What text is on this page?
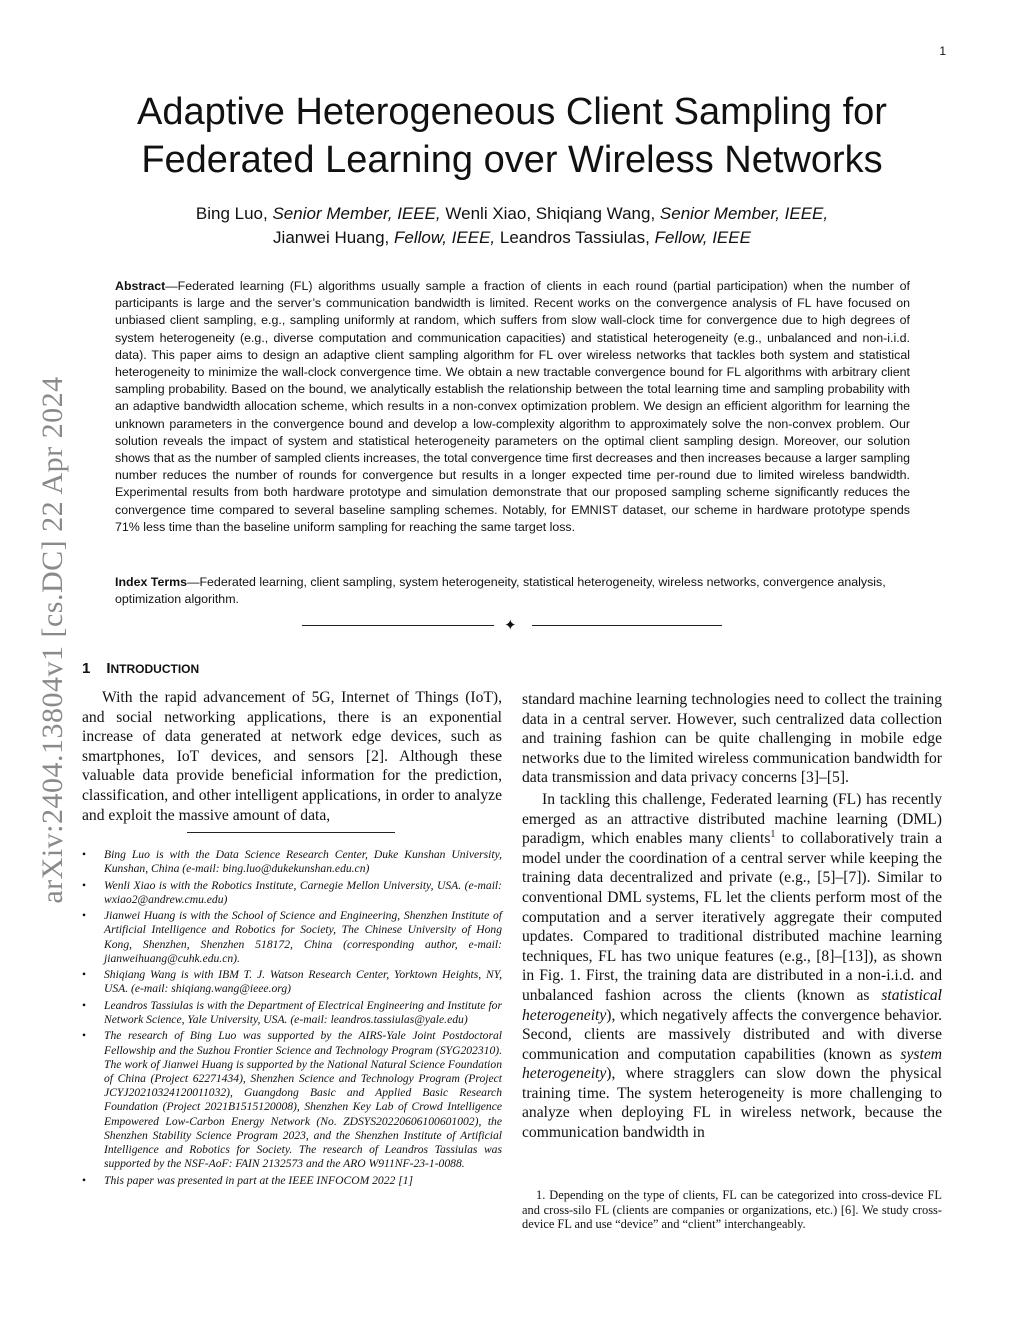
1
arXiv:2404.13804v1 [cs.DC] 22 Apr 2024
Adaptive Heterogeneous Client Sampling for
Federated Learning over Wireless Networks
Bing Luo, Senior Member, IEEE, Wenli Xiao, Shiqiang Wang, Senior Member, IEEE,
Jianwei Huang, Fellow, IEEE, Leandros Tassiulas, Fellow, IEEE
Abstract—Federated learning (FL) algorithms usually sample a fraction of clients in each round (partial participation) when the number of participants is large and the server’s communication bandwidth is limited. Recent works on the convergence analysis of FL have focused on unbiased client sampling, e.g., sampling uniformly at random, which suffers from slow wall-clock time for convergence due to high degrees of system heterogeneity (e.g., diverse computation and communication capacities) and statistical heterogeneity (e.g., unbalanced and non-i.i.d. data). This paper aims to design an adaptive client sampling algorithm for FL over wireless networks that tackles both system and statistical heterogeneity to minimize the wall-clock convergence time. We obtain a new tractable convergence bound for FL algorithms with arbitrary client sampling probability. Based on the bound, we analytically establish the relationship between the total learning time and sampling probability with an adaptive bandwidth allocation scheme, which results in a non-convex optimization problem. We design an efficient algorithm for learning the unknown parameters in the convergence bound and develop a low-complexity algorithm to approximately solve the non-convex problem. Our solution reveals the impact of system and statistical heterogeneity parameters on the optimal client sampling design. Moreover, our solution shows that as the number of sampled clients increases, the total convergence time first decreases and then increases because a larger sampling number reduces the number of rounds for convergence but results in a longer expected time per-round due to limited wireless bandwidth. Experimental results from both hardware prototype and simulation demonstrate that our proposed sampling scheme significantly reduces the convergence time compared to several baseline sampling schemes. Notably, for EMNIST dataset, our scheme in hardware prototype spends 71% less time than the baseline uniform sampling for reaching the same target loss.
Index Terms—Federated learning, client sampling, system heterogeneity, statistical heterogeneity, wireless networks, convergence analysis, optimization algorithm.
✦
1 INTRODUCTION

With the rapid advancement of 5G, Internet of Things (IoT), and social networking applications, there is an exponential increase of data generated at network edge devices, such as smartphones, IoT devices, and sensors [2]. Although these valuable data provide beneficial information for the prediction, classification, and other intelligent applications, in order to analyze and exploit the massive amount of data,

• Bing Luo is with the Data Science Research Center, Duke Kunshan University, Kunshan, China (e-mail: bing.luo@dukekunshan.edu.cn)
• Wenli Xiao is with the Robotics Institute, Carnegie Mellon University, USA. (e-mail: wxiao2@andrew.cmu.edu)
• Jianwei Huang is with the School of Science and Engineering, Shenzhen Institute of Artificial Intelligence and Robotics for Society, The Chinese University of Hong Kong, Shenzhen, Shenzhen 518172, China (corresponding author, e-mail: jianweihuang@cuhk.edu.cn).
• Shiqiang Wang is with IBM T. J. Watson Research Center, Yorktown Heights, NY, USA. (e-mail: shiqiang.wang@ieee.org)
• Leandros Tassiulas is with the Department of Electrical Engineering and Institute for Network Science, Yale University, USA. (e-mail: leandros.tassiulas@yale.edu)
• The research of Bing Luo was supported by the AIRS-Yale Joint Postdoctoral Fellowship and the Suzhou Frontier Science and Technology Program (SYG202310). The work of Jianwei Huang is supported by the National Natural Science Foundation of China (Project 62271434), Shenzhen Science and Technology Program (Project JCYJ20210324120011032), Guangdong Basic and Applied Basic Research Foundation (Project 2021B1515120008), Shenzhen Key Lab of Crowd Intelligence Empowered Low-Carbon Energy Network (No. ZDSYS20220606100601002), the Shenzhen Stability Science Program 2023, and the Shenzhen Institute of Artificial Intelligence and Robotics for Society. The research of Leandros Tassiulas was supported by the NSF-AoF: FAIN 2132573 and the ARO W911NF-23-1-0088.
• This paper was presented in part at the IEEE INFOCOM 2022 [1]

standard machine learning technologies need to collect the training data in a central server. However, such centralized data collection and training fashion can be quite challenging in mobile edge networks due to the limited wireless communication bandwidth for data transmission and data privacy concerns [3]–[5].

In tackling this challenge, Federated learning (FL) has recently emerged as an attractive distributed machine learning (DML) paradigm, which enables many clients$^1$ to collaboratively train a model under the coordination of a central server while keeping the training data decentralized and private (e.g., [5]–[7]). Similar to conventional DML systems, FL let the clients perform most of the computation and a server iteratively aggregate their computed updates. Compared to traditional distributed machine learning techniques, FL has two unique features (e.g., [8]–[13]), as shown in Fig. 1. First, the training data are distributed in a non-i.i.d. and unbalanced fashion across the clients (known as statistical heterogeneity), which negatively affects the convergence behavior. Second, clients are massively distributed and with diverse communication and computation capabilities (known as system heterogeneity), where stragglers can slow down the physical training time. The system heterogeneity is more challenging to analyze when deploying FL in wireless network, because the communication bandwidth in

1. Depending on the type of clients, FL can be categorized into cross-device FL and cross-silo FL (clients are companies or organizations, etc.) [6]. We study cross-device FL and use “device” and “client” interchangeably.
